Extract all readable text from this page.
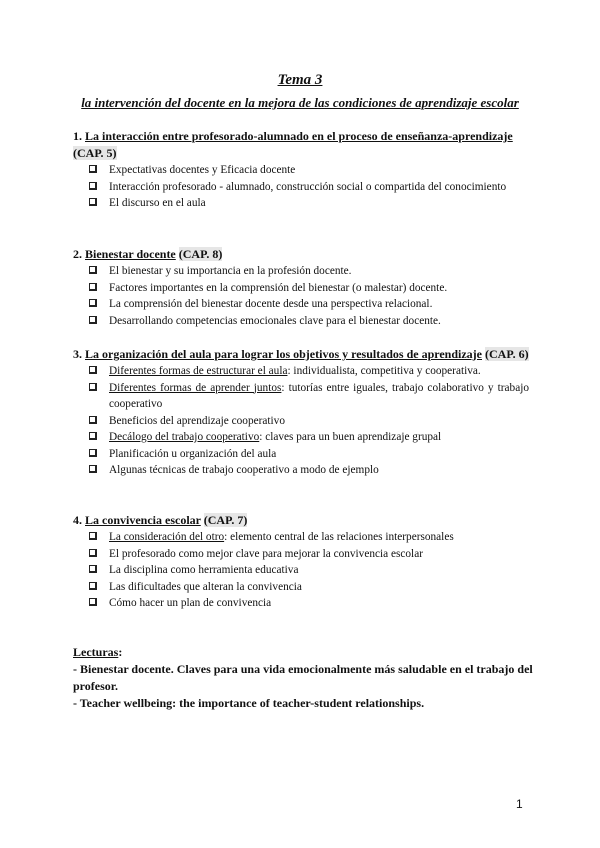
Tema 3
la intervención del docente en la mejora de las condiciones de aprendizaje escolar

1. La interacción entre profesorado-alumnado en el proceso de enseñanza-aprendizaje (CAP. 5)

Expectativas docentes y Eficacia docente
Interacción profesorado - alumnado, construcción social o compartida del conocimiento
El discurso en el aula

2. Bienestar docente (CAP. 8)

El bienestar y su importancia en la profesión docente.
Factores importantes en la comprensión del bienestar (o malestar) docente.
La comprensión del bienestar docente desde una perspectiva relacional.
Desarrollando competencias emocionales clave para el bienestar docente.

3. La organización del aula para lograr los objetivos y resultados de aprendizaje (CAP. 6)

Diferentes formas de estructurar el aula: individualista, competitiva y cooperativa.
Diferentes formas de aprender juntos: tutorías entre iguales, trabajo colaborativo y trabajo cooperativo
Beneficios del aprendizaje cooperativo
Decálogo del trabajo cooperativo: claves para un buen aprendizaje grupal
Planificación u organización del aula
Algunas técnicas de trabajo cooperativo a modo de ejemplo

4. La convivencia escolar (CAP. 7)

La consideración del otro: elemento central de las relaciones interpersonales
El profesorado como mejor clave para mejorar la convivencia escolar
La disciplina como herramienta educativa
Las dificultades que alteran la convivencia
Cómo hacer un plan de convivencia

Lecturas:

- Bienestar docente. Claves para una vida emocionalmente más saludable en el trabajo del profesor.

- Teacher wellbeing: the importance of teacher-student relationships.

1
